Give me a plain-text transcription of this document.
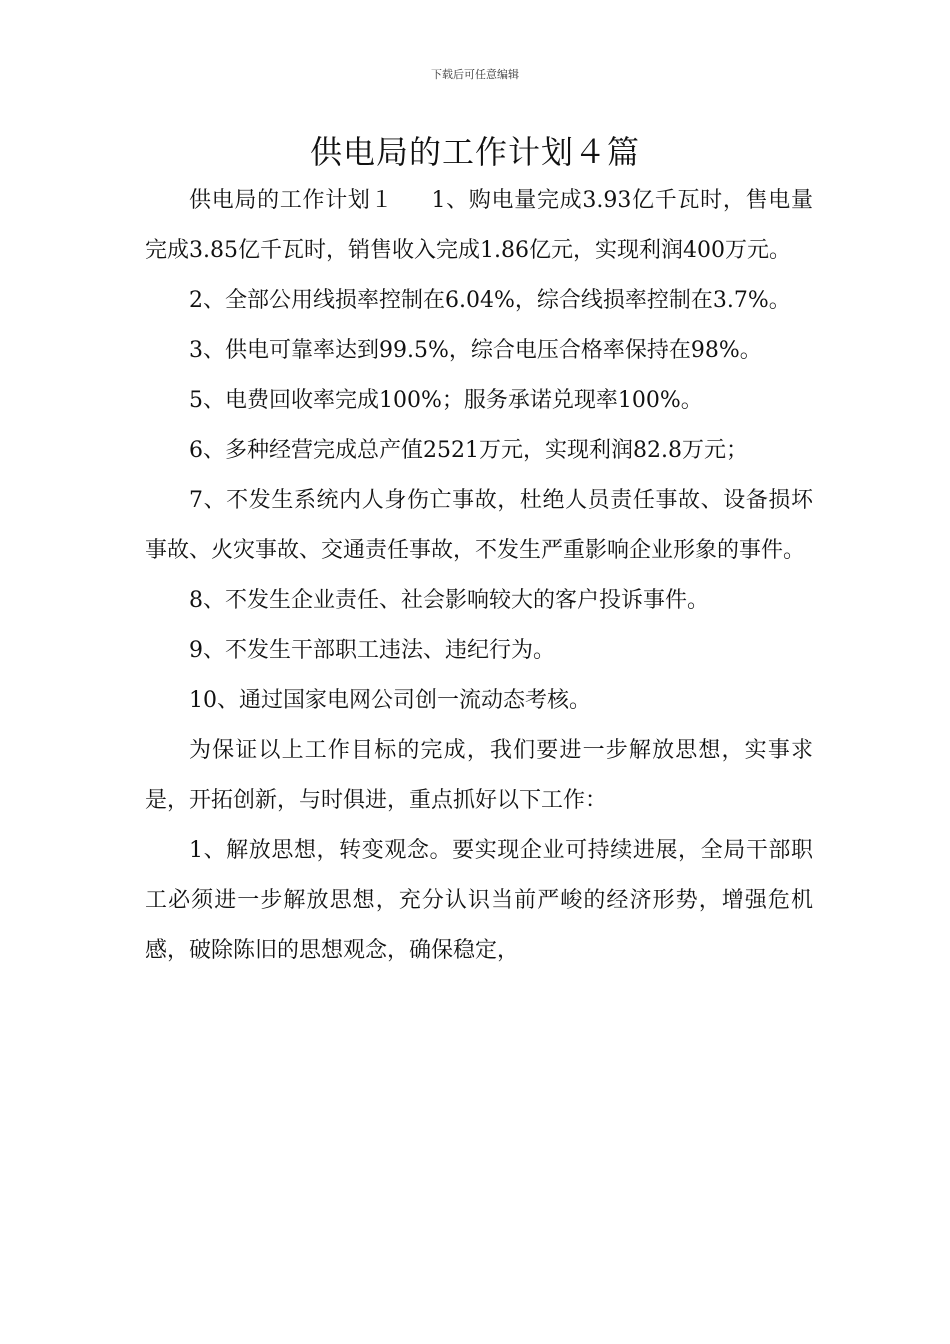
下载后可任意编辑
供电局的工作计划４篇

供电局的工作计划１ 　 1、购电量完成3.93亿千瓦时，售电量完成3.85亿千瓦时，销售收入完成1.86亿元，实现利润400万元。

2、全部公用线损率控制在6.04%，综合线损率控制在3.7%。

3、供电可靠率达到99.5%，综合电压合格率保持在98%。

5、电费回收率完成100%；服务承诺兑现率100%。

6、多种经营完成总产值2521万元，实现利润82.8万元；

7、不发生系统内人身伤亡事故，杜绝人员责任事故、设备损坏事故、火灾事故、交通责任事故，不发生严重影响企业形象的事件。

8、不发生企业责任、社会影响较大的客户投诉事件。

9、不发生干部职工违法、违纪行为。

10、通过国家电网公司创一流动态考核。

为保证以上工作目标的完成，我们要进一步解放思想，实事求是，开拓创新，与时俱进，重点抓好以下工作：

1、解放思想，转变观念。要实现企业可持续进展，全局干部职工必须进一步解放思想，充分认识当前严峻的经济形势，增强危机感，破除陈旧的思想观念，确保稳定，
